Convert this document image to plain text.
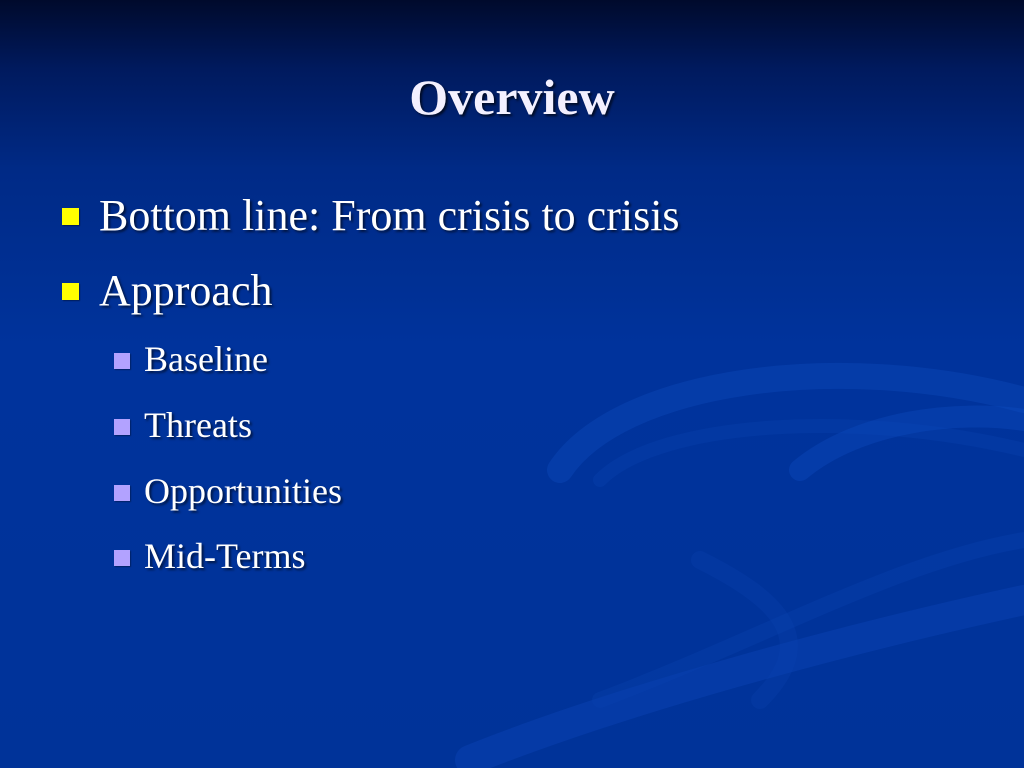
Overview
Bottom line: From crisis to crisis
Approach
Baseline
Threats
Opportunities
Mid-Terms
